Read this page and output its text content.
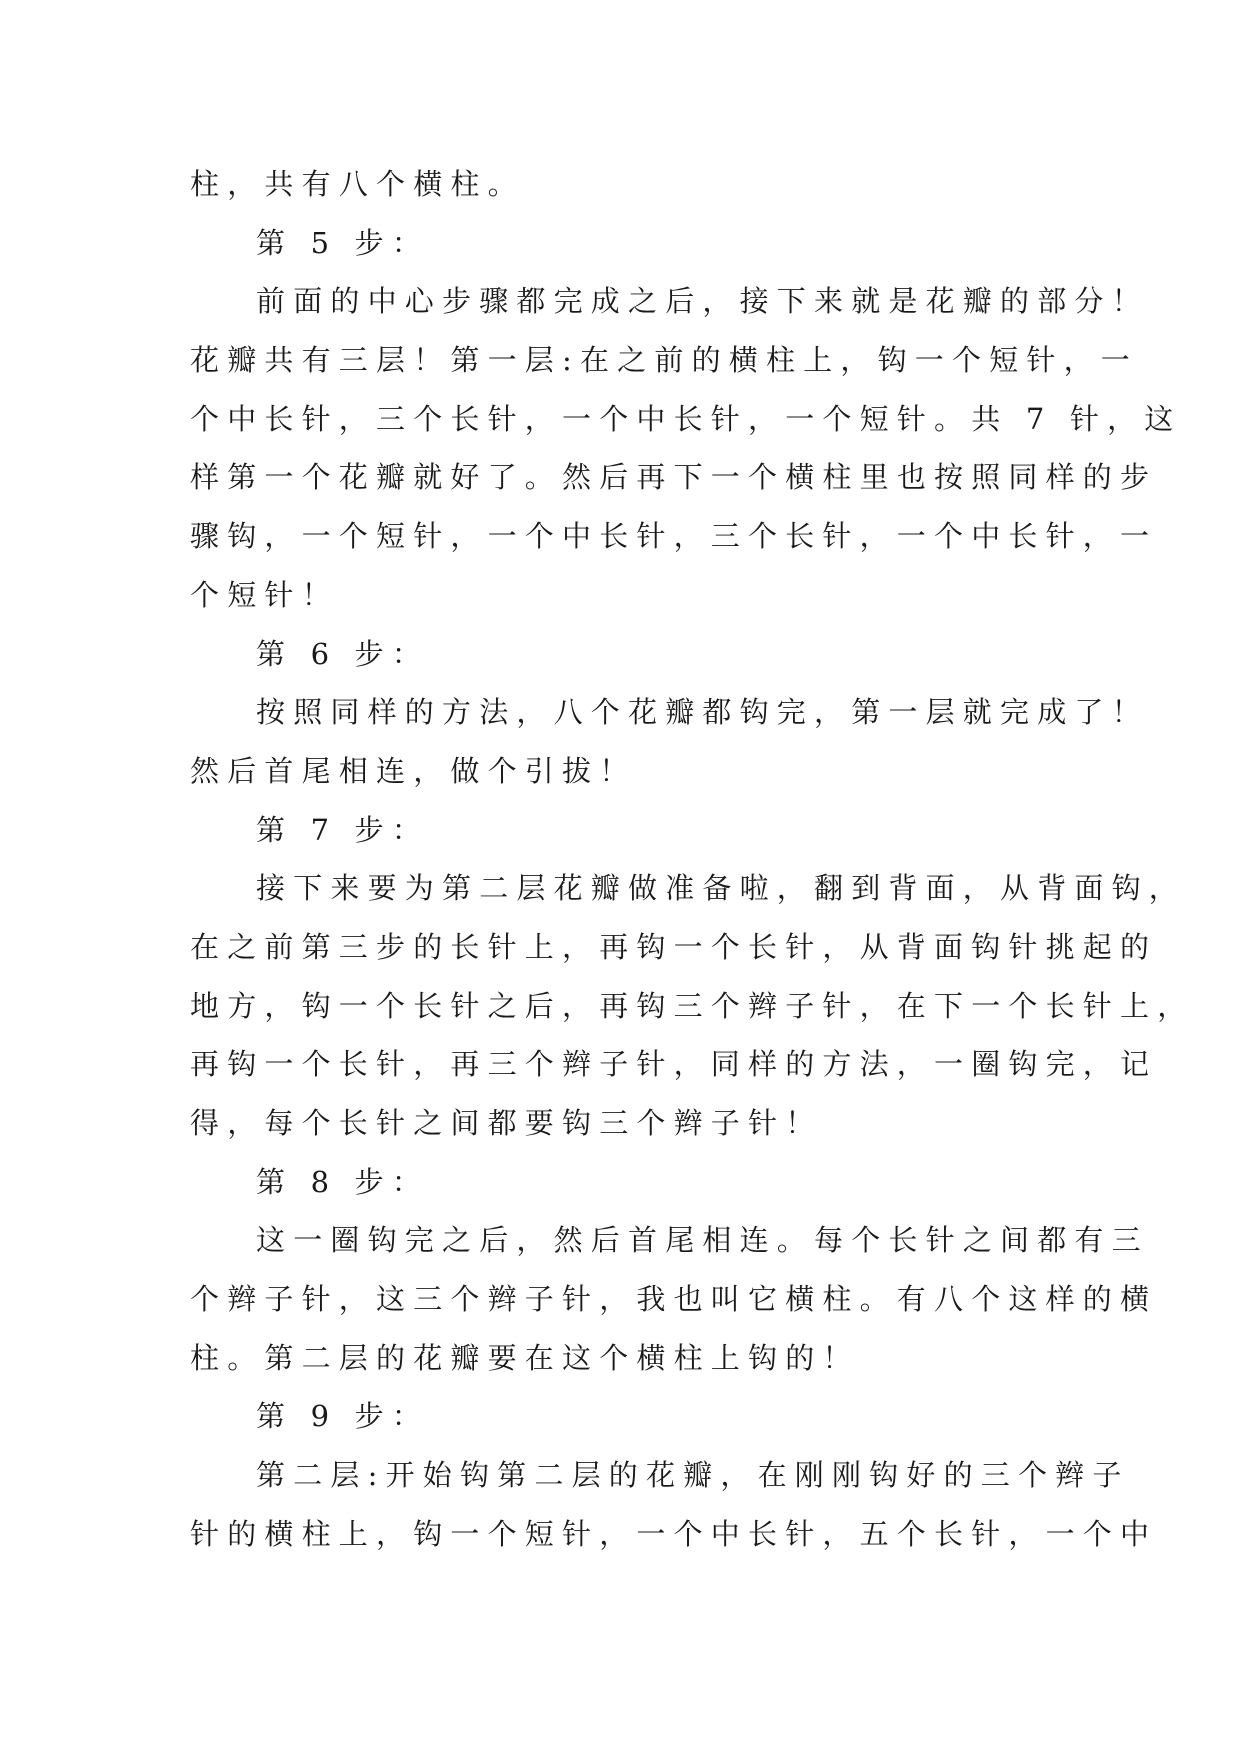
柱，共有八个横柱。
第 5 步：
前面的中心步骤都完成之后，接下来就是花瓣的部分！
花瓣共有三层！第一层:在之前的横柱上，钩一个短针，一
个中长针，三个长针，一个中长针，一个短针。共 7 针，这
样第一个花瓣就好了。然后再下一个横柱里也按照同样的步
骤钩，一个短针，一个中长针，三个长针，一个中长针，一
个短针！
第 6 步：
按照同样的方法，八个花瓣都钩完，第一层就完成了！
然后首尾相连，做个引拔！
第 7 步：
接下来要为第二层花瓣做准备啦，翻到背面，从背面钩，
在之前第三步的长针上，再钩一个长针，从背面钩针挑起的
地方，钩一个长针之后，再钩三个辫子针，在下一个长针上，
再钩一个长针，再三个辫子针，同样的方法，一圈钩完，记
得，每个长针之间都要钩三个辫子针！
第 8 步：
这一圈钩完之后，然后首尾相连。每个长针之间都有三
个辫子针，这三个辫子针，我也叫它横柱。有八个这样的横
柱。第二层的花瓣要在这个横柱上钩的！
第 9 步：
第二层:开始钩第二层的花瓣，在刚刚钩好的三个辫子
针的横柱上，钩一个短针，一个中长针，五个长针，一个中
